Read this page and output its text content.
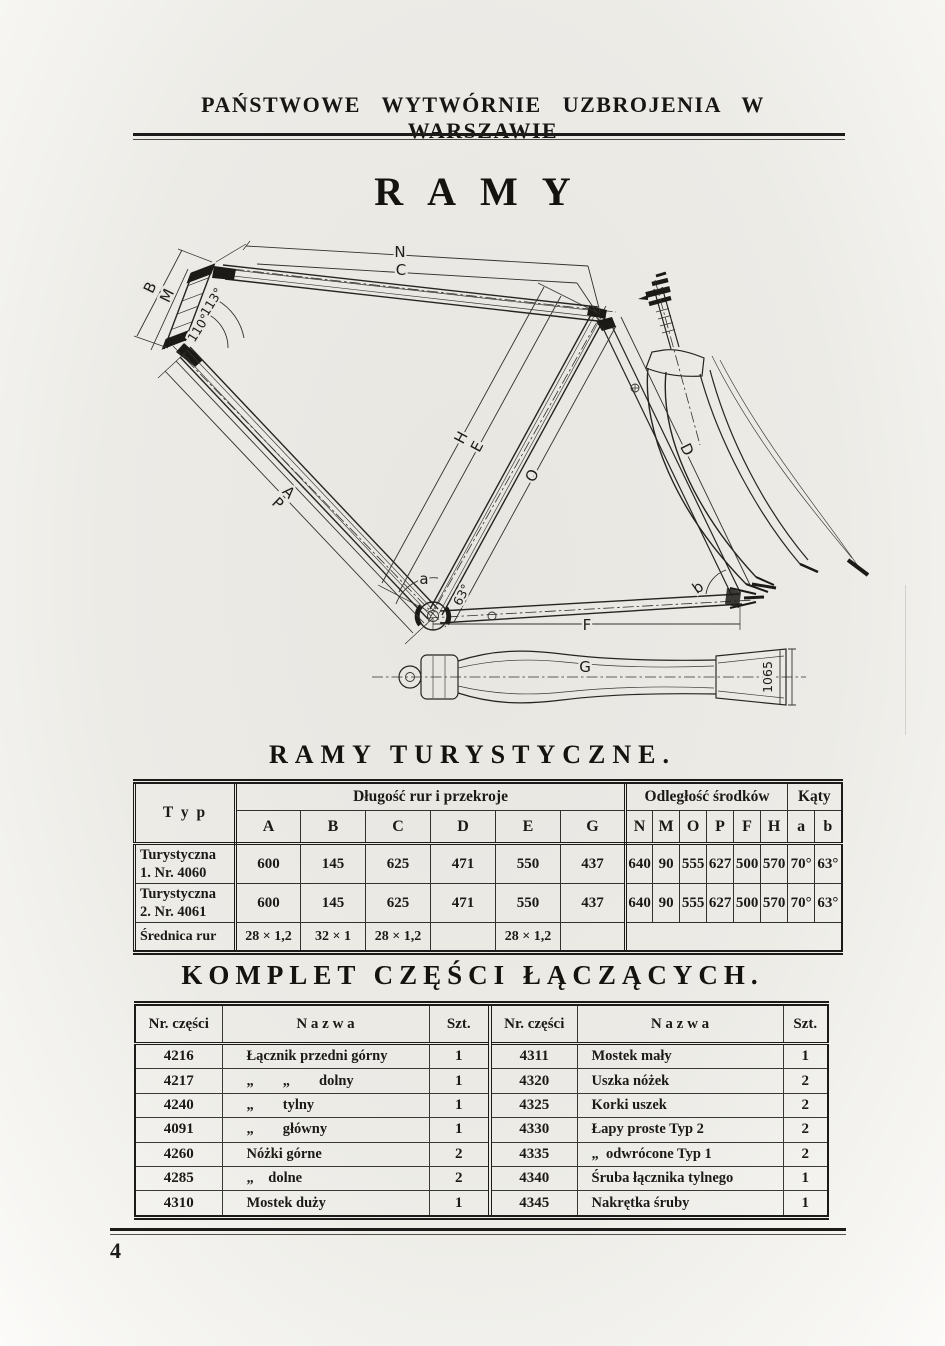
PAŃSTWOWE WYTWÓRNIE UZBROJENIA W WARSZAWIE
RAMY
N
C
B
M 113°
110°
A
P
H
E
O
D
F
G
a	b
63°
1065
RAMY TURYSTYCZNE.
T y p	Długość rur i przekroje						Odległość środków						Kąty	
	A	B	C	D	E	G	N	M	O	P	F	H	a	b

Turystyczna
1. Nr. 4060	600	145	625	471	550	437	640	90	555	627	500	570	70°	63°

Turystyczna
2. Nr. 4061	600	145	625	471	550	437	640	90	555	627	500	570	70°	63°
Średnica rur	28 × 1,2	32 × 1	28 × 1,2		28 × 1,2									
KOMPLET CZĘŚCI ŁĄCZĄCYCH.
Nr. części	N a z w a	Szt.	Nr. części	N a z w a	Szt.
4216	Łącznik przedni górny	1	4311	Mostek mały	1
4217	„  „  dolny	1	4320	Uszka nóżek	2
4240	„  tylny	1	4325	Korki uszek	2
4091	„  główny	1	4330	Łapy proste Typ 2	2
4260	Nóżki górne	2	4335	„ odwrócone Typ 1	2
4285	„ dolne	2	4340	Śruba łącznika tylnego	1
4310	Mostek duży	1	4345	Nakrętka śruby	1
4
